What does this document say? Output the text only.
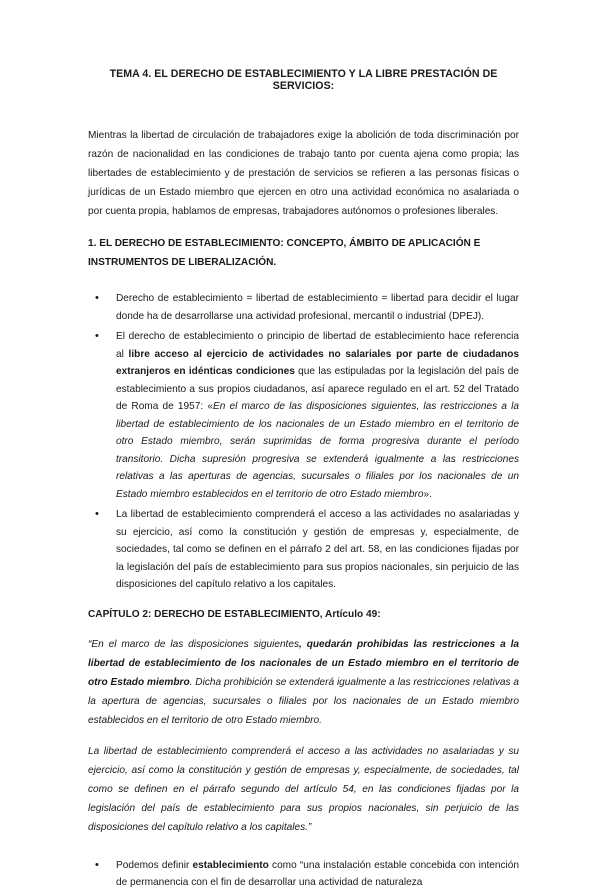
TEMA 4. EL DERECHO DE ESTABLECIMIENTO Y LA LIBRE PRESTACIÓN DE SERVICIOS:

Mientras la libertad de circulación de trabajadores exige la abolición de toda discriminación por razón de nacionalidad en las condiciones de trabajo tanto por cuenta ajena como propia; las libertades de establecimiento y de prestación de servicios se refieren a las personas físicas o jurídicas de un Estado miembro que ejercen en otro una actividad económica no asalariada o por cuenta propia, hablamos de empresas, trabajadores autónomos o profesiones liberales.

1. EL DERECHO DE ESTABLECIMIENTO: CONCEPTO, ÁMBITO DE APLICACIÓN E INSTRUMENTOS DE LIBERALIZACIÓN.

• Derecho de establecimiento = libertad de establecimiento = libertad para decidir el lugar donde ha de desarrollarse una actividad profesional, mercantil o industrial (DPEJ).
• El derecho de establecimiento o principio de libertad de establecimiento hace referencia al libre acceso al ejercicio de actividades no salariales por parte de ciudadanos extranjeros en idénticas condiciones que las estipuladas por la legislación del país de establecimiento a sus propios ciudadanos, así aparece regulado en el art. 52 del Tratado de Roma de 1957: «En el marco de las disposiciones siguientes, las restricciones a la libertad de establecimiento de los nacionales de un Estado miembro en el territorio de otro Estado miembro, serán suprimidas de forma progresiva durante el período transitorio. Dicha supresión progresiva se extenderá igualmente a las restricciones relativas a las aperturas de agencias, sucursales o filiales por los nacionales de un Estado miembro establecidos en el territorio de otro Estado miembro».
• La libertad de establecimiento comprenderá el acceso a las actividades no asalariadas y su ejercicio, así como la constitución y gestión de empresas y, especialmente, de sociedades, tal como se definen en el párrafo 2 del art. 58, en las condiciones fijadas por la legislación del país de establecimiento para sus propios nacionales, sin perjuicio de las disposiciones del capítulo relativo a los capitales.

CAPÍTULO 2: DERECHO DE ESTABLECIMIENTO, Artículo 49:

“En el marco de las disposiciones siguientes, quedarán prohibidas las restricciones a la libertad de establecimiento de los nacionales de un Estado miembro en el territorio de otro Estado miembro. Dicha prohibición se extenderá igualmente a las restricciones relativas a la apertura de agencias, sucursales o filiales por los nacionales de un Estado miembro establecidos en el territorio de otro Estado miembro.

La libertad de establecimiento comprenderá el acceso a las actividades no asalariadas y su ejercicio, así como la constitución y gestión de empresas y, especialmente, de sociedades, tal como se definen en el párrafo segundo del artículo 54, en las condiciones fijadas por la legislación del país de establecimiento para sus propios nacionales, sin perjuicio de las disposiciones del capítulo relativo a los capitales.”

• Podemos definir establecimiento como “una instalación estable concebida con intención de permanencia con el fin de desarrollar una actividad de naturaleza
